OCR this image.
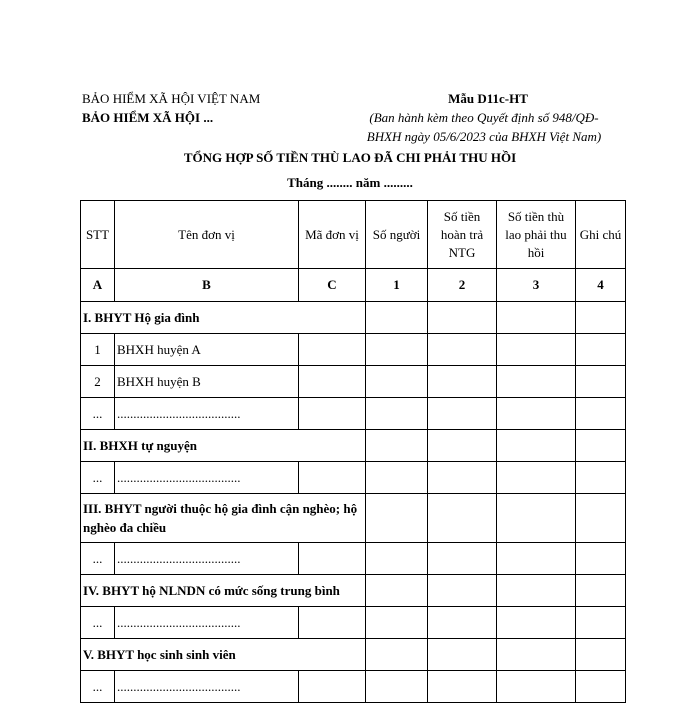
BẢO HIỂM XÃ HỘI VIỆT NAM
BẢO HIỂM XÃ HỘI ...
Mẫu D11c-HT
(Ban hành kèm theo Quyết định số 948/QĐ-
BHXH ngày 05/6/2023 của BHXH Việt Nam)
TỔNG HỢP SỐ TIỀN THÙ LAO ĐÃ CHI PHẢI THU HỒI
Tháng ........ năm .........
STT	Tên đơn vị	Mã đơn vị	Số người	Số tiền hoàn trả NTG	Số tiền thù lao phải thu hồi	Ghi chú
A	B	C	1	2	3	4
I. BHYT Hộ gia đình						
1	BHXH huyện A					
2	BHXH huyện B					
...	......................................					
II. BHXH tự nguyện						
...	......................................					
III. BHYT người thuộc hộ gia đình cận nghèo; hộ nghèo đa chiều						
...	......................................					
IV. BHYT hộ NLNDN có mức sống trung bình						
...	......................................					
V. BHYT học sinh sinh viên						
...	......................................					
